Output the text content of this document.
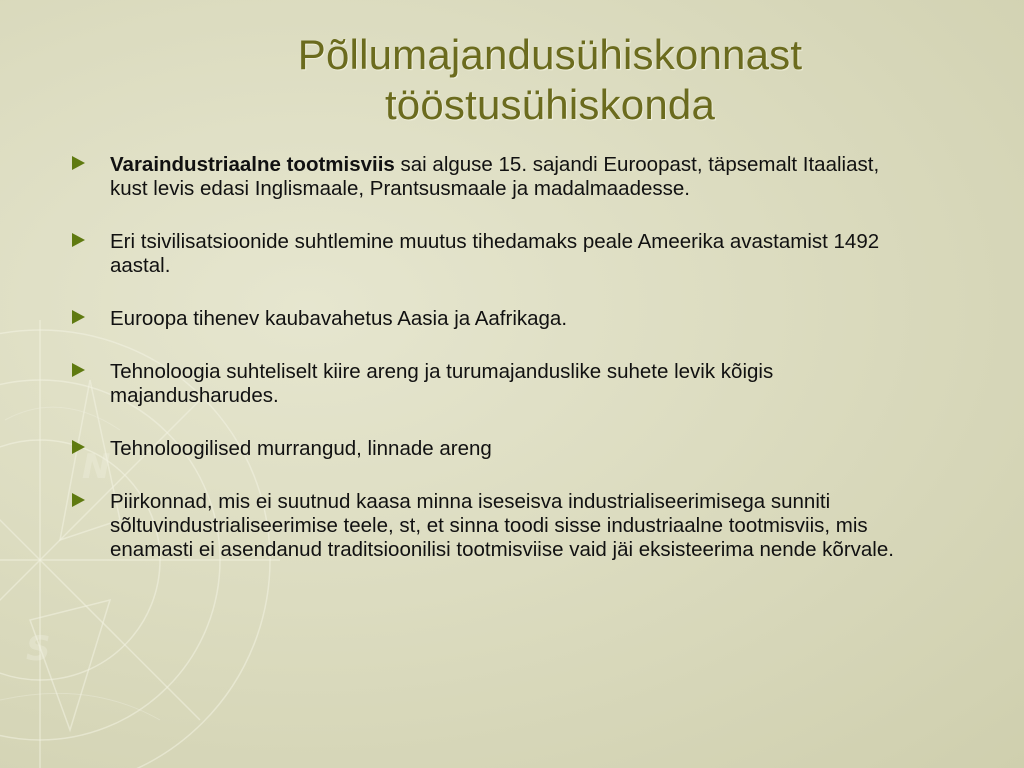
N
S
Põllumajandusühiskonnast
tööstusühiskonda
Varaindustriaalne tootmisviis sai alguse 15. sajandi Euroopast, täpsemalt Itaaliast, kust levis edasi Inglismaale, Prantsusmaale ja madalmaadesse.
Eri tsivilisatsioonide suhtlemine muutus tihedamaks peale Ameerika avastamist 1492 aastal.
Euroopa tihenev kaubavahetus Aasia ja Aafrikaga.
Tehnoloogia suhteliselt kiire areng ja turumajanduslike suhete levik kõigis majandusharudes.
Tehnoloogilised murrangud, linnade areng
Piirkonnad, mis ei suutnud kaasa minna iseseisva industrialiseerimisega sunniti sõltuvindustrialiseerimise teele, st, et sinna toodi sisse industriaalne tootmisviis, mis enamasti ei asendanud traditsioonilisi tootmisviise vaid jäi eksisteerima nende kõrvale.
